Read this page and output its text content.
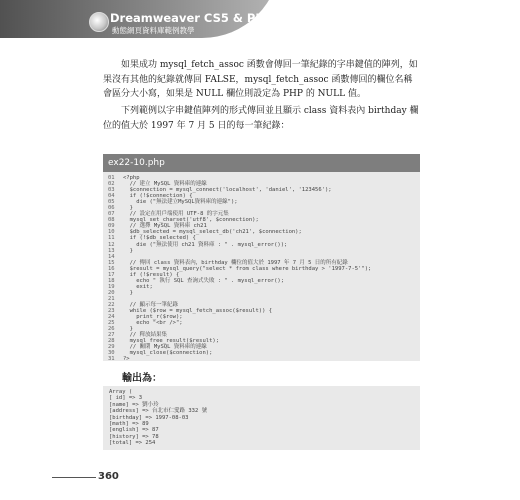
Dreamweaver CS5 & PHP
動態網頁資料庫範例教學

如果成功 mysql_fetch_assoc 函數會傳回一筆紀錄的字串鍵值的陣列，如果沒有其他的紀錄就傳回 FALSE，mysql_fetch_assoc 函數傳回的欄位名稱會區分大小寫，如果是 NULL 欄位則設定為 PHP 的 NULL 值。

下列範例以字串鍵值陣列的形式傳回並且顯示 class 資料表內 birthday 欄位的值大於 1997 年 7 月 5 日的每一筆紀錄：

ex22-10.php
01 <?php
02  // 建立 MySQL 資料庫的連線
03  $connection = mysql_connect('localhost', 'daniel', '123456');
04  if (!$connection) {
05    die ("無法建立MySQL資料庫的連線");
06  }
07  // 設定在用戶端使用 UTF-8 的字元集
08  mysql_set_charset('utf8', $connection);
09  // 選擇 MySQL 資料庫 ch21
10  $db_selected = mysql_select_db('ch21', $connection);
11  if (!$db_selected) {
12    die ("無法使用 ch21 資料庫 : " . mysql_error());
13  }
14
15  // 傳回 class 資料表內，birthday 欄位的值大於 1997 年 7 月 5 日的所有紀錄
16  $result = mysql_query("select * from class where birthday > '1997-7-5'");
17  if (!$result) {
18    echo " 執行 SQL 查詢式失敗 : " . mysql_error();
19    exit;
20  }
21
22  // 顯示每一筆紀錄
23  while ($row = mysql_fetch_assoc($result)) {
24    print_r($row);
25    echo "<br />";
26  }
27  // 釋放結果集
28  mysql_free_result($result);
29  // 關閉 MySQL 資料庫的連線
30  mysql_close($connection);
31 ?>

輸出為：

Array (
[ id] => 3
[name] => 劉小玲
[address] => 台北市仁愛路 332 號
[birthday] => 1997-08-03
[math] => 89
[english] => 87
[history] => 78
[total] => 254
360
